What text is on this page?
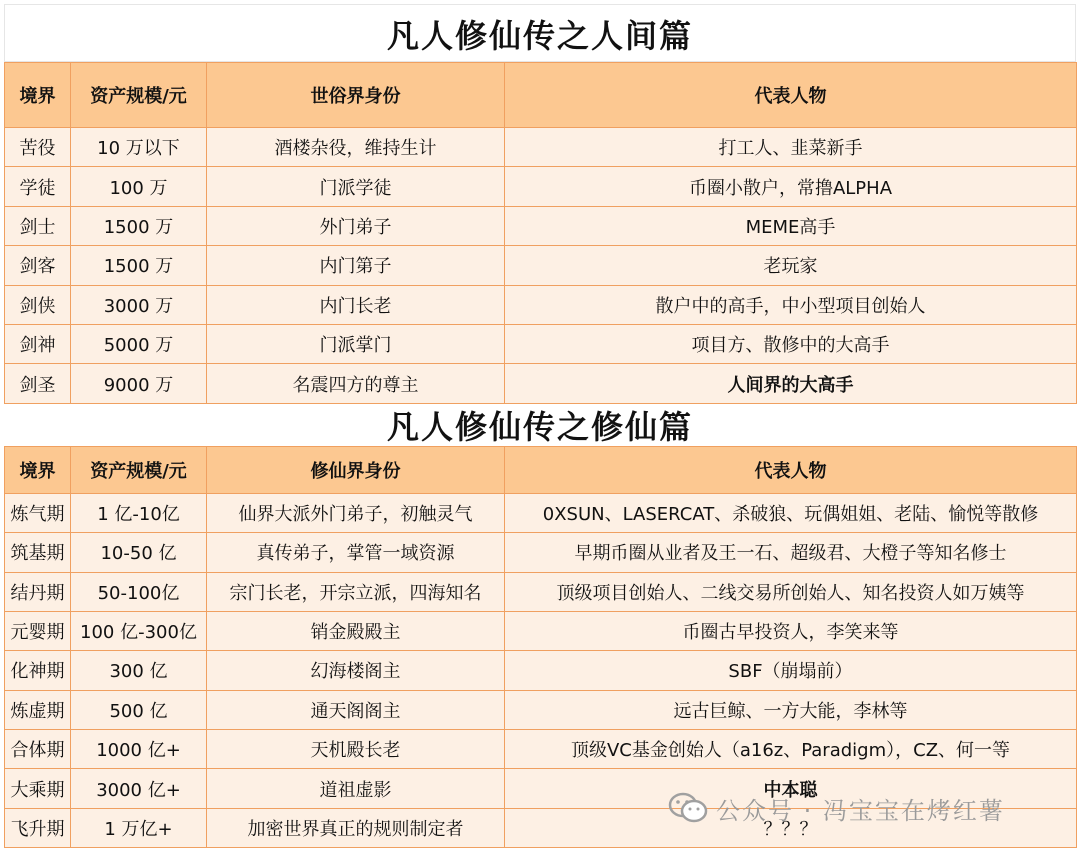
凡人修仙传之人间篇
境界	资产规模/元	世俗界身份	代表人物
苦役	10 万以下	酒楼杂役，维持生计	打工人、韭菜新手
学徒	100 万	门派学徒	币圈小散户，常撸ALPHA
剑士	1500 万	外门弟子	MEME高手
剑客	1500 万	内门第子	老玩家
剑侠	3000 万	内门长老	散户中的高手，中小型项目创始人
剑神	5000 万	门派掌门	项目方、散修中的大高手
剑圣	9000 万	名震四方的尊主	人间界的大高手
凡人修仙传之修仙篇
境界	资产规模/元	修仙界身份	代表人物
炼气期	1 亿-10亿	仙界大派外门弟子，初触灵气	0XSUN、LASERCAT、杀破狼、玩偶姐姐、老陆、愉悦等散修
筑基期	10-50 亿	真传弟子，掌管一域资源	早期币圈从业者及王一石、超级君、大橙子等知名修士
结丹期	50-100亿	宗门长老，开宗立派，四海知名	顶级项目创始人、二线交易所创始人、知名投资人如万姨等
元婴期	100 亿-300亿	销金殿殿主	币圈古早投资人，李笑来等
化神期	300 亿	幻海楼阁主	SBF（崩塌前）
炼虚期	500 亿	通天阁阁主	远古巨鲸、一方大能，李林等
合体期	1000 亿+	天机殿长老	顶级VC基金创始人（a16z、Paradigm），CZ、何一等
大乘期	3000 亿+	道祖虚影	中本聪
飞升期	1 万亿+	加密世界真正的规则制定者	？？？
公众号 · 冯宝宝在烤红薯
